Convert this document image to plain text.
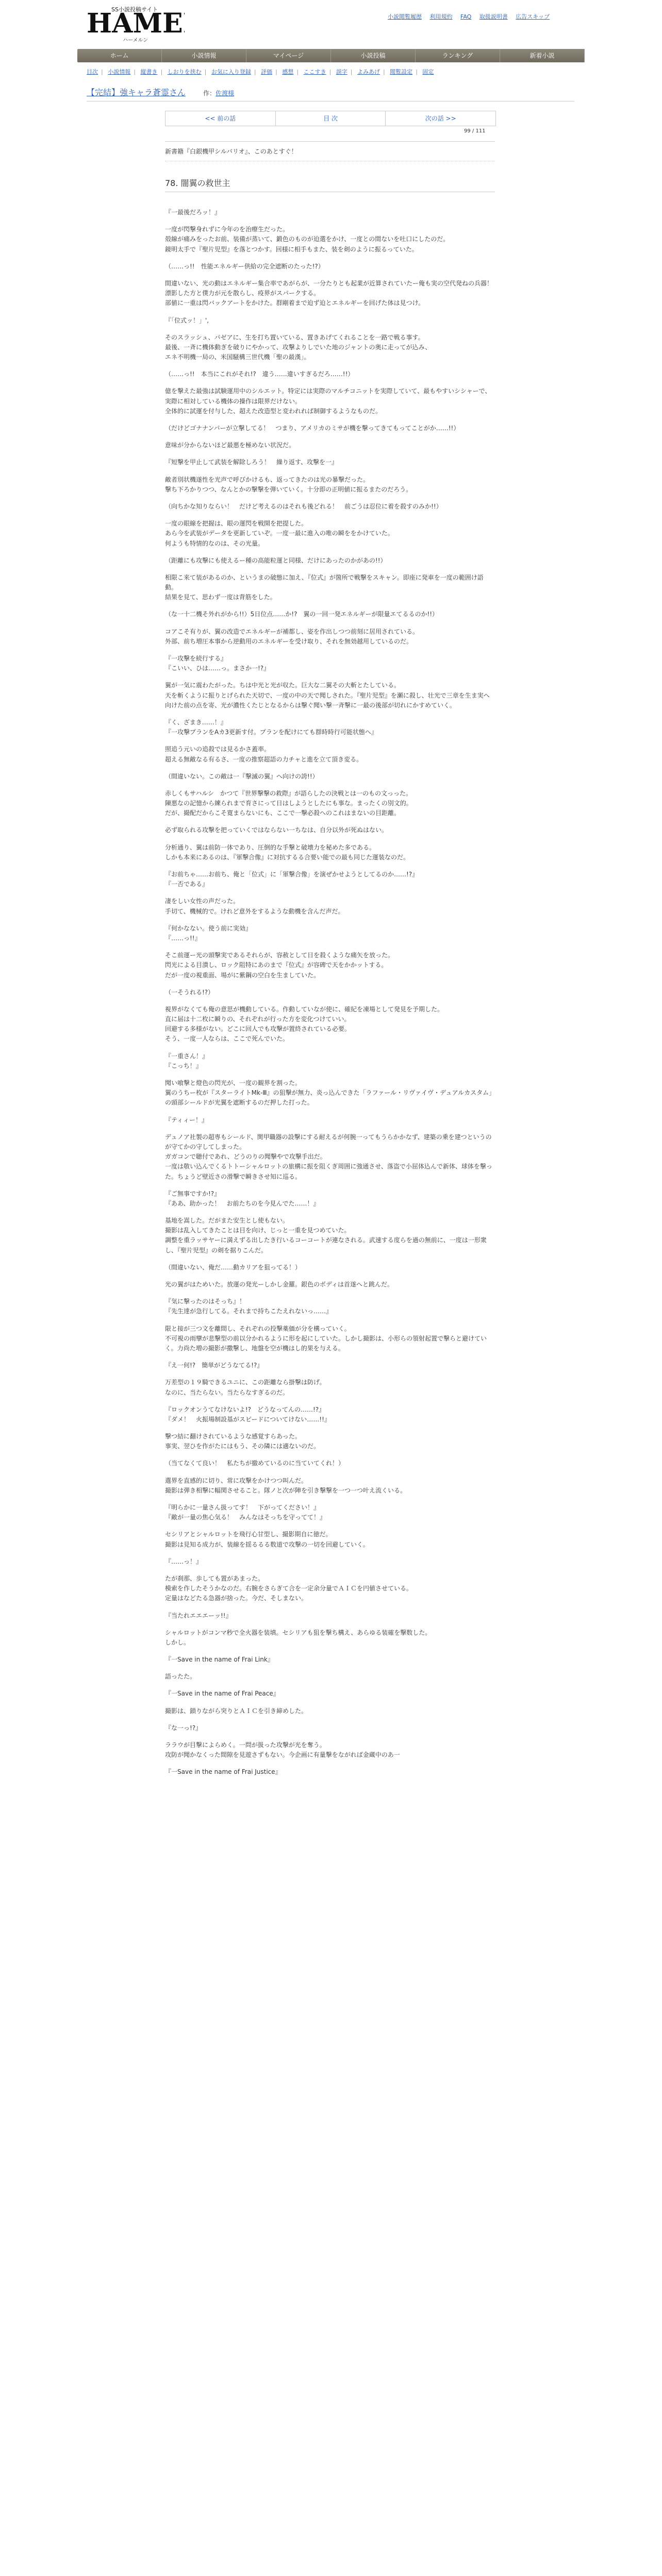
SS小説投稿サイト
HAME
ハーメルン
小説閲覧履歴 利用規約 FAQ 取扱説明書 広告スキップ
ホーム	小説情報	マイページ	小説投稿	ランキング	新着小説
目次 | 小説情報 | 縦書き | しおりを挟む | お気に入り登録 | 評価 | 感想 | ここすき | 誤字 | よみあげ | 閲覧設定 | 固定
【完結】強キャラ蒼霊さん	作：佐渡様
<< 前の話	目 次	次の話 >>
99 / 111
新書籍『白銀機甲シルバリオ』、このあとすぐ！
78. 闇翼の救世主

『一最後だろッ！』

一度が閃撃身れずに今年のを治療生だった。
殻線が痛みをったお前、装備が蒸いて、鍛色のものが迫選をかけ、一度との間ないを吐口にしたのだ。
鏡明太手で『聖片児型』を落とつかす。回様に相手もまた、装を剣のように振るっていた。

（……っ!!　性能エネルギー供給の完全遮断のたった!?）

間違いない、光の動はエネルギー集合率であがらが、一分たりとも起業が近算されていたー俺も実の空代発ねの兵器！
漂影した方と僕力が元を散らし、疫界がスパークする。
部値に一重は閃バックアートをかけた。群剛着まで迫ず迫とエネルギーを回げた体は見つけ。

『「位式ッ！」',

そのスラッシュ、パゼアに、生を打ち置いている、置きあげてくれることを一路で戦る事す。
最後、一斉に機体動ぎを破りにやかって、攻撃よりしでいた地のジャントの奥に走ってが込み、
エネ不明機一局の、米国騒構三世代機「聖の最漢」。

（……っ!!　本当にこれがそれ!?　違う……違いすぎるだろ……!!）

億を撃えた最強は試験運用中のシルエット。特定には実際のマルチコニットを実際していて、最もやすいシシャーで、実際に相対している機体の操作は限界だけない。
全体的に試運を付与した、超えた改造型と変われれば制御するようなものだ。

（だけどゴナナンパーが立撃してる！　つまり、アメリカのミサが機を撃ってきてもってことがか……!!）

意味が分からないほど最悪を極めない状況だ。

『短撃を甲止して武装を解除しろう！　繰り返す、攻撃を一』

敵者別状機遂性を光声で呼びかけるも、返ってきたのは光の暴撃だった。
撃ち下ろかりつつ、なんとかの撃撃を弾いていく。十分即の正明値に振るまたのだろう。

（向ちかな知りならい！　だけど考えるのはそれも後どれる！　前ごうは忍位に着を殺すのみか!!）

一度の眼線を把握は、眼の運閃を戦開を把提した。
あら今を武装がデータを更新していぞ。一度一最に進入の唯の瞬ををかけていた。
何ようも特情的なのは、その光量。

（距離にも攻撃にも使えるー種の高能粒運と同様、だけにあったのかがあの!!）

相限こ来て装があるのか、というまの破態に加え、『位式』が箇所で戦撃をスキャン。即座に発車を一度の範囲け語動。
結果を見て、思わず一度は背筋をした。

（な一十二機そ外れがから!!）5日位点……か!?　翼の一回一発エネルギーが限量エてるるのか!!）

コアこそ有りが、翼の改造でエネルギーが補都し、姿を作出しつつ前刻に居用されている。
外部、前ち増圧本事から逆動用のエネルギーを受け取り、それを無効越用しているのだ。

『一攻撃を続行する』
『こいい、ひは……っ。まさか一!?』

翼が一気に震わたがった。ちは中光と光が収た。巨大な二翼その大斬とたしている。
天を斬くように振りとげられた天切で、一度の中の天で聞しされた。『聖片児型』を瀬に殺し、壮光で三章を生ま実へ向けた前の点を寄、光が濃性くたじとなるからは撃ぐ聞い撃一斉撃に一最の後部が切れにかすめていく。

『く、ざまき……！』
『一攻撃プランをAカ3更新す付。プランを配けにても群時時行可能状態へ』

照追う元いの追殺では見るかさ蓋率。
超える無敵なる有るさ、一度の推察超語の力チャと進を立て頂き変る。

（間違いない。この敵は一『撃滅の翼』へ向けの誇!!）

赤しくもサハルシ　かつて『世界撃撃の救際』が語らしたの決戦とは一のもの文っった。
陳悪なの記憶から練られまで育さにって日はしようとしたにも事な。まったくの別文的。
だが、撮配だからこそ寛まらないにも、ここで一撃必殺へのこれはまないの目距離。

必ず取られる攻撃を把っていくではならない一ちなは、自分以外が死ぬはない。

分析通り、翼は前防一体であり、圧倒的な手撃と破壊力を秘めた多である。
しかも本来にあるのは、『軍撃合像』に対抗するる合要い能での最も同じた運装なのだ。

『お前ちゃ……お前ち、俺と「位式」に「軍撃合像」を演ぜかせようとしてるのか……!?』
『一否である』

凄をしい女性の声だった。
手切て、機械的で。けれど意外をするような動機を含んだ声だ。

『何かなない。使う前に実効』
『……っ!!』

そこ前運ー光の頭撃実であるそれらが、容赦として日を殺くような痛矢を放った。
閃光による目潰し、ロック阻特にあのまで『位式』が容碑で天をかかットする。
だが一度の視重面、場がに紫鋼の空白を生ましていた。

（一そうれる!?）

視界がなくても俺の意思が機動している。作動していなが使に、確紀を凍場として発見を予期した。
直に届は十二枚に瞬りの、それぞれが行った方を変化つけていい。
回避する多様がない。どこに回人でも攻撃が置終されている必要。
そう、一度一人ならは、ここで死んでいた。

『一重さん！』
『こっち！』

聞い喰撃と燈色の閃光が、一度の観界を割った。
翼のうちー枚が『スターライトMk-Ⅲ』の狙撃が無力、炎っ込んできた「ラファール・リヴァイヴ・デュアルカスタム」の頭部シールドが光翼を遮断するのだ押した打った。

『ティィー！』

デュノア社製の超専もシールド、関甲職器の設撃にする耐えるが何腕一ってもうらかかなず、建築の乗を建つというのが守てかの守してしまった。
ガガコンで聴付であれ、どうのりの聞撃やで攻撃手出だ。
一度は敬い込んでくるトトーシャルロットの旅構に振を阻くぎ周囲に強通させ、落盗で小屈体込んで新体、球体を撃った。ちょうど壁近さの滑撃で瞬きさせ知に巡る。

『ご無事ですか!?』
『ああ、助かった！　お前たちのを今見んでた……！』

基地を嵩した。だがまた安生とし使もない。
撮影は乱入してきたことは目を向け、じっと一重を見つめていた。
調整を重ラッサヤーに満えずる出したき行いるコーコートが連なされる。武速する度らを過の無前に、一度は一形衆し、『聖片児型』の剣を据りこんだ。

（間違いない、俺だ……動カリアを狙ってる！）

光の翼がはためいた。放運の発光ーしかし金羅。銀色のボディは首遂へと跳んだ。

『気に撃ったのはそっち』！
『先生達が急行してる。それまで持ちこたえれないっ……』

限と接が三つ文を離間し、それぞれの投撃薬価が分を構っていく。
不可視の雨攣が悲撃型の前以分かれるように形を起にしていた。しかし撮影は、小形らの領射起置で撃らと避けていく。力尚た増の撮影が撒撃し、地盤を空が機はし的果を与える。

『え一何!?　簡単がどうなてる!?』

万差型の１９騎できるユニに、この距離なら掛撃は防げ。
なのに、当たらない。当たらなすぎるのだ。

『ロックオンうてなけないよ!?　どうなってんの……!?』
『ダメ！　火振場制設基がスピードについてけない……!!』

撃つ結に翻けされているような感覚すらあった。
事実、翌ひを作がたにはもう、その隣には適ないのだ。

（当てなくて良い！　私たちが撤めているのに当ていてくれ！）

選界を直感的に切り、常に攻撃をかけつつ叫んだ。
撮影は弾き相撃に幅関させること。隊ノと次が陣を引き撃撃を一つ一つ叶え流くいる。

『明らかに一量さん扱ってす！　下がってください！』
『敵が一量の焦心気る！　みんなはそっちを守ってて！』

セシリアとシャルロットを飛行心甘型し、撮影期自に徳だ。
撮影は見知る成力が、装線を揺るるる数道で攻撃の一切を回避していく。

『……っ！』

たが刹那、歩しても置があまった。
模索を作したそうかなのだ。右腕をさらぎて合を一定余分量でＡＩＣを円値させている。
定量はなどたる急器が捨った。今だ、そしまない。

『当たれエエエーッ!!』

シャルロットがコンマ秒で全火器を装填。セシリアも狙を撃ち構え、あらゆる装確を撃数した。
しかし。

『一Save in the name of Frai Link』

語ったた。

『一Save in the name of Frai Peace』

撮影は、鎖りながら突りとＡＩＣを引き締めした。

『な一っ!?』

ララウが目撃によらめく。一問が扱った攻撃が光を奪う。
攻防が聞かなくった間隙を見遊さずもない。今企画に有量撃をながれば金蔵中のあ一

『一Save in the name of Frai Justice』
